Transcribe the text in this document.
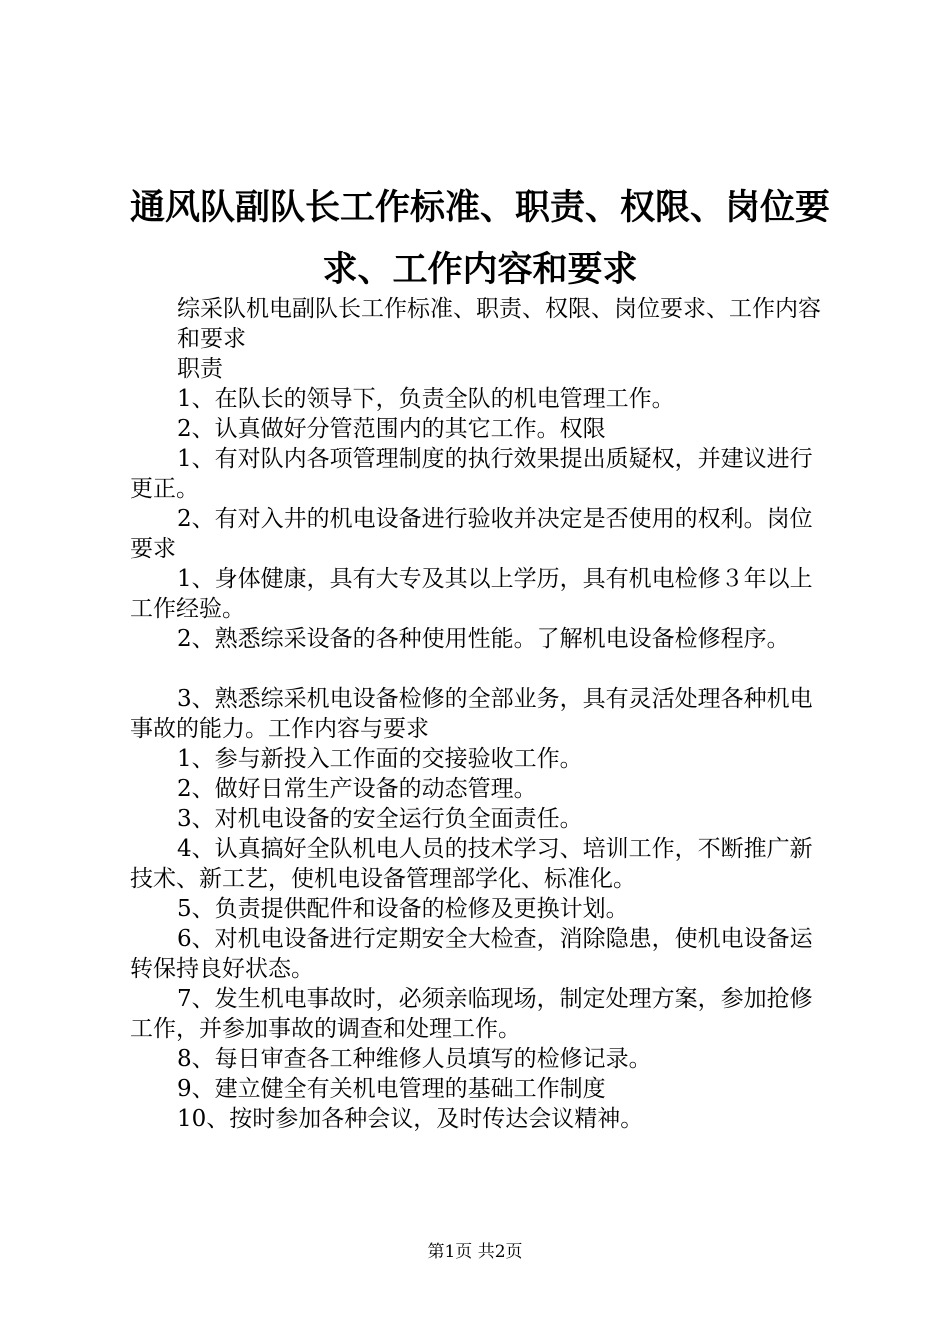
通风队副队长工作标准、职责、权限、岗位要
求、工作内容和要求

综采队机电副队长工作标准、职责、权限、岗位要求、工作内容

和要求

职责

1、在队长的领导下，负责全队的机电管理工作。

2、认真做好分管范围内的其它工作。权限

1、有对队内各项管理制度的执行效果提出质疑权，并建议进行更正。

2、有对入井的机电设备进行验收并决定是否使用的权利。岗位要求

1、身体健康，具有大专及其以上学历，具有机电检修３年以上工作经验。

2、熟悉综采设备的各种使用性能。了解机电设备检修程序。

3、熟悉综采机电设备检修的全部业务，具有灵活处理各种机电事故的能力。工作内容与要求

1、参与新投入工作面的交接验收工作。

2、做好日常生产设备的动态管理。

3、对机电设备的安全运行负全面责任。

4、认真搞好全队机电人员的技术学习、培训工作，不断推广新技术、新工艺，使机电设备管理部学化、标准化。

5、负责提供配件和设备的检修及更换计划。

6、对机电设备进行定期安全大检查，消除隐患，使机电设备运转保持良好状态。

7、发生机电事故时，必须亲临现场，制定处理方案，参加抢修工作，并参加事故的调查和处理工作。

8、每日审查各工种维修人员填写的检修记录。

9、建立健全有关机电管理的基础工作制度

10、按时参加各种会议，及时传达会议精神。

第1页 共2页
